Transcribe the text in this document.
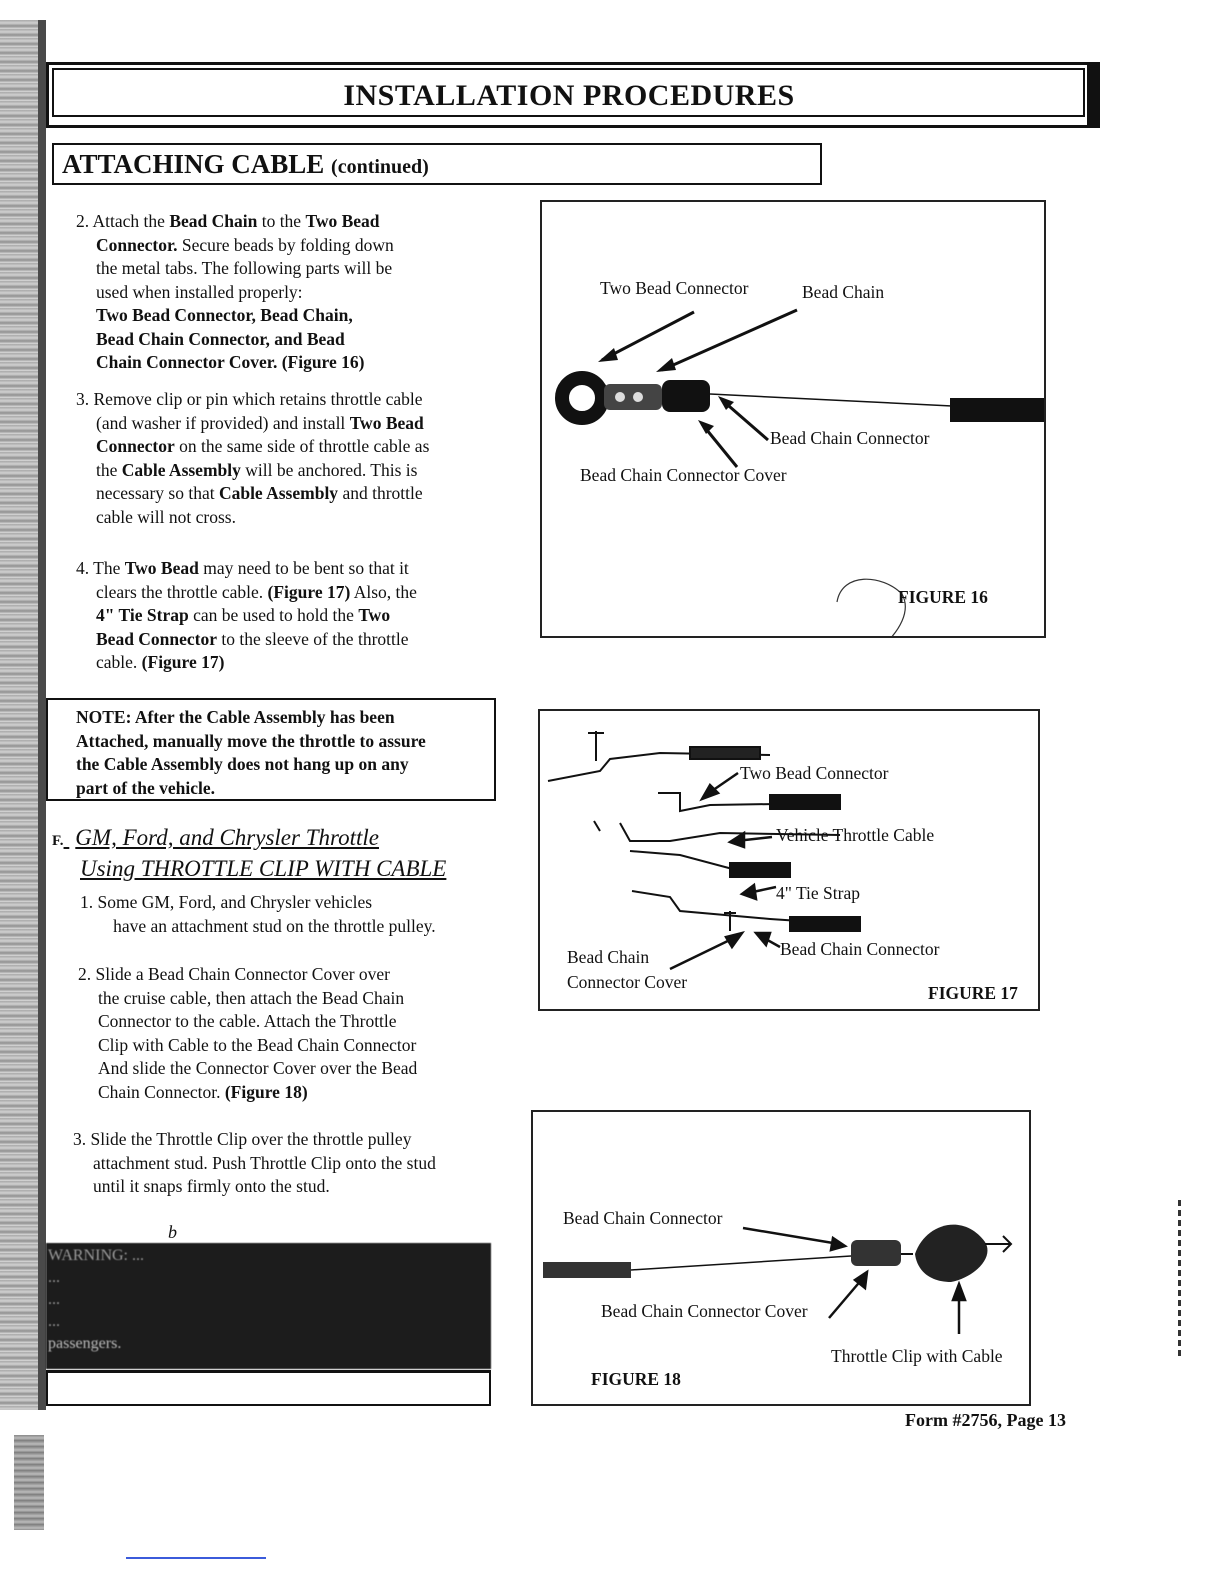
INSTALLATION PROCEDURES
ATTACHING CABLE (continued)
2. Attach the Bead Chain to the Two Bead
Connector. Secure beads by folding down
the metal tabs. The following parts will be
used when installed properly:
Two Bead Connector, Bead Chain,
Bead Chain Connector, and Bead
Chain Connector Cover. (Figure 16)
3. Remove clip or pin which retains throttle cable
(and washer if provided) and install Two Bead
Connector on the same side of throttle cable as
the Cable Assembly will be anchored. This is
necessary so that Cable Assembly and throttle
cable will not cross.
4. The Two Bead may need to be bent so that it
clears the throttle cable. (Figure 17) Also, the
4" Tie Strap can be used to hold the Two
Bead Connector to the sleeve of the throttle
cable. (Figure 17)
NOTE: After the Cable Assembly has been
Attached, manually move the throttle to assure
the Cable Assembly does not hang up on any
part of the vehicle.
F. GM, Ford, and Chrysler Throttle
Using THROTTLE CLIP WITH CABLE
1. Some GM, Ford, and Chrysler vehicles
have an attachment stud on the throttle pulley.
2. Slide a Bead Chain Connector Cover over
the cruise cable, then attach the Bead Chain
Connector to the cable. Attach the Throttle
Clip with Cable to the Bead Chain Connector
And slide the Connector Cover over the Bead
Chain Connector. (Figure 18)
3. Slide the Throttle Clip over the throttle pulley
attachment stud. Push Throttle Clip onto the stud
until it snaps firmly onto the stud.
b
WARNING: ...
...
...
...
passengers.
Two Bead Connector	Bead Chain
Bead Chain Connector
Bead Chain Connector Cover
FIGURE 16
Two Bead Connector
Vehicle Throttle Cable
4" Tie Strap
Bead Chain
Connector Cover
Bead Chain Connector
FIGURE 17
Bead Chain Connector
Bead Chain Connector Cover
Throttle Clip with Cable
FIGURE 18
Form #2756, Page 13
